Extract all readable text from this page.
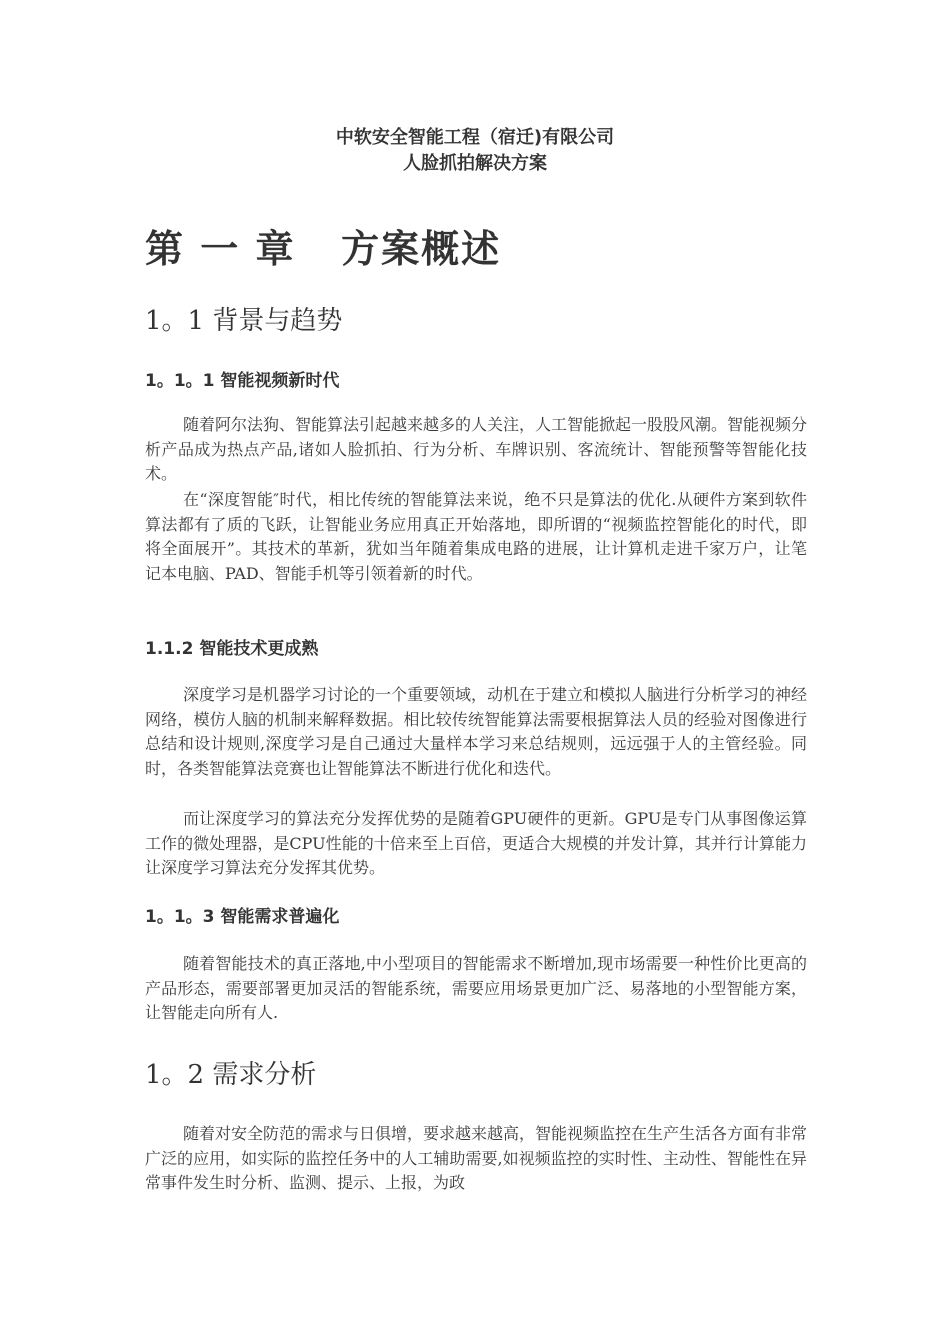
中软安全智能工程（宿迁)有限公司
人脸抓拍解决方案
第 一 章   方案概述
1。1 背景与趋势
1。1。1 智能视频新时代

随着阿尔法狗、智能算法引起越来越多的人关注，人工智能掀起一股股风潮。智能视频分析产品成为热点产品,诸如人脸抓拍、行为分析、车牌识别、客流统计、智能预警等智能化技术。

在“深度智能″时代，相比传统的智能算法来说，绝不只是算法的优化.从硬件方案到软件算法都有了质的飞跃，让智能业务应用真正开始落地，即所谓的“视频监控智能化的时代，即将全面展开”。其技术的革新，犹如当年随着集成电路的进展，让计算机走进千家万户，让笔记本电脑、PAD、智能手机等引领着新的时代。

1.1.2 智能技术更成熟

深度学习是机器学习讨论的一个重要领域，动机在于建立和模拟人脑进行分析学习的神经网络，模仿人脑的机制来解释数据。相比较传统智能算法需要根据算法人员的经验对图像进行总结和设计规则,深度学习是自己通过大量样本学习来总结规则，远远强于人的主管经验。同时，各类智能算法竞赛也让智能算法不断进行优化和迭代。

而让深度学习的算法充分发挥优势的是随着GPU硬件的更新。GPU是专门从事图像运算工作的微处理器，是CPU性能的十倍来至上百倍，更适合大规模的并发计算，其并行计算能力让深度学习算法充分发挥其优势。

1。1。3 智能需求普遍化

随着智能技术的真正落地,中小型项目的智能需求不断增加,现市场需要一种性价比更高的产品形态，需要部署更加灵活的智能系统，需要应用场景更加广泛、易落地的小型智能方案，让智能走向所有人.

1。2 需求分析

随着对安全防范的需求与日俱增，要求越来越高，智能视频监控在生产生活各方面有非常广泛的应用，如实际的监控任务中的人工辅助需要,如视频监控的实时性、主动性、智能性在异常事件发生时分析、监测、提示、上报，为政
